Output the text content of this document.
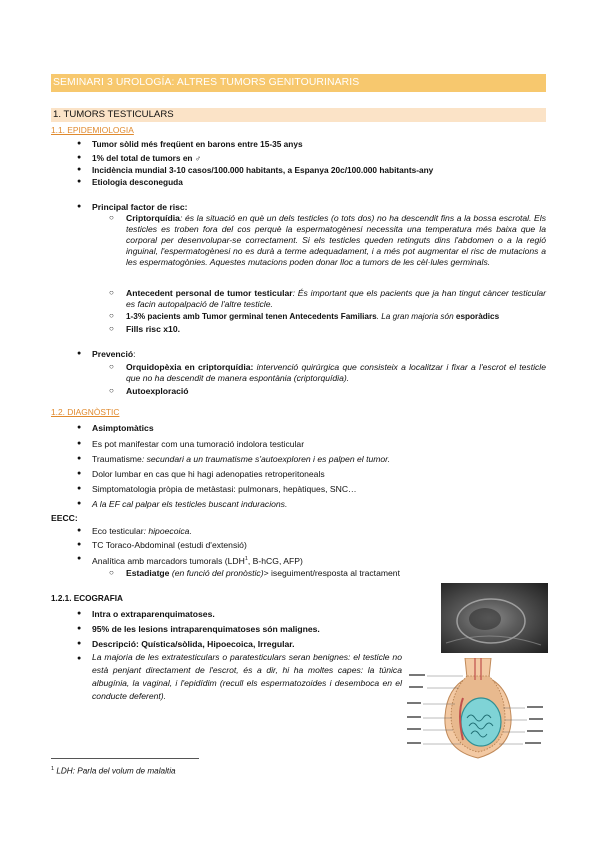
SEMINARI 3 UROLOGÍA: ALTRES TUMORS GENITOURINARIS
1. TUMORS TESTICULARS
1.1. EPIDEMIOLOGIA
● Tumor sòlid més freqüent en barons entre 15-35 anys
● 1% del total de tumors en ♂
● Incidència mundial 3-10 casos/100.000 habitants, a Espanya 20c/100.000 habitants-any
● Etiologia desconeguda
● Principal factor de risc:
○ Criptorquídia: és la situació en què un dels testicles (o tots dos) no ha descendit fins a la bossa escrotal. Els testicles es troben fora del cos perquè la espermatogènesi necessita una temperatura més baixa que la corporal per desenvolupar-se correctament. Si els testicles queden retinguts dins l'abdomen o a la regió inguinal, l'espermatogènesi no es durà a terme adequadament, i a més pot augmentar el risc de mutacions a les espermatogònies. Aquestes mutacions poden donar lloc a tumors de les cèl·lules germinals.
○ Antecedent personal de tumor testicular: És important que els pacients que ja han tingut càncer testicular es facin autopalpació de l'altre testicle.
○ 1-3% pacients amb Tumor germinal tenen Antecedents Familiars. La gran majoria són esporàdics
○ Fills risc x10.
● Prevenció:
○ Orquidopèxia en criptorquídia: intervenció quirúrgica que consisteix a localitzar i fixar a l'escrot el testicle que no ha descendit de manera espontània (criptorquídia).
○ Autoexploració
1.2. DIAGNÒSTIC
● Asimptomàtics
● Es pot manifestar com una tumoració indolora testicular
● Traumatisme: secundari a un traumatisme s'autoexploren i es palpen el tumor.
● Dolor lumbar en cas que hi hagi adenopaties retroperitoneals
● Simptomatologia pròpia de metàstasi: pulmonars, hepàtiques, SNC…
● A la EF cal palpar els testicles buscant induracions.
EECC:
● Eco testicular: hipoecoica.
● TC Toraco-Abdominal (estudi d'extensió)
● Analítica amb marcadors tumorals (LDH$^1$, B-hCG, AFP)
○ Estadiatge (en funció del pronòstic)> iseguiment/resposta al tractament
1.2.1. ECOGRAFIA
● Intra o extraparenquimatoses.
● 95% de les lesions intraparenquimatoses són malignes.
● Descripció: Quística/sòlida, Hipoecoica, Irregular.
● La majoria de les extratesticulars o paratesticulars seran benignes: el testicle no està penjant directament de l'escrot, és a dir, hi ha moltes capes: la túnica albugínia, la vaginal, i l'epidídim (recull els espermatozoides i desemboca en el conducte deferent).
$^1$ LDH: Parla del volum de malaltia
